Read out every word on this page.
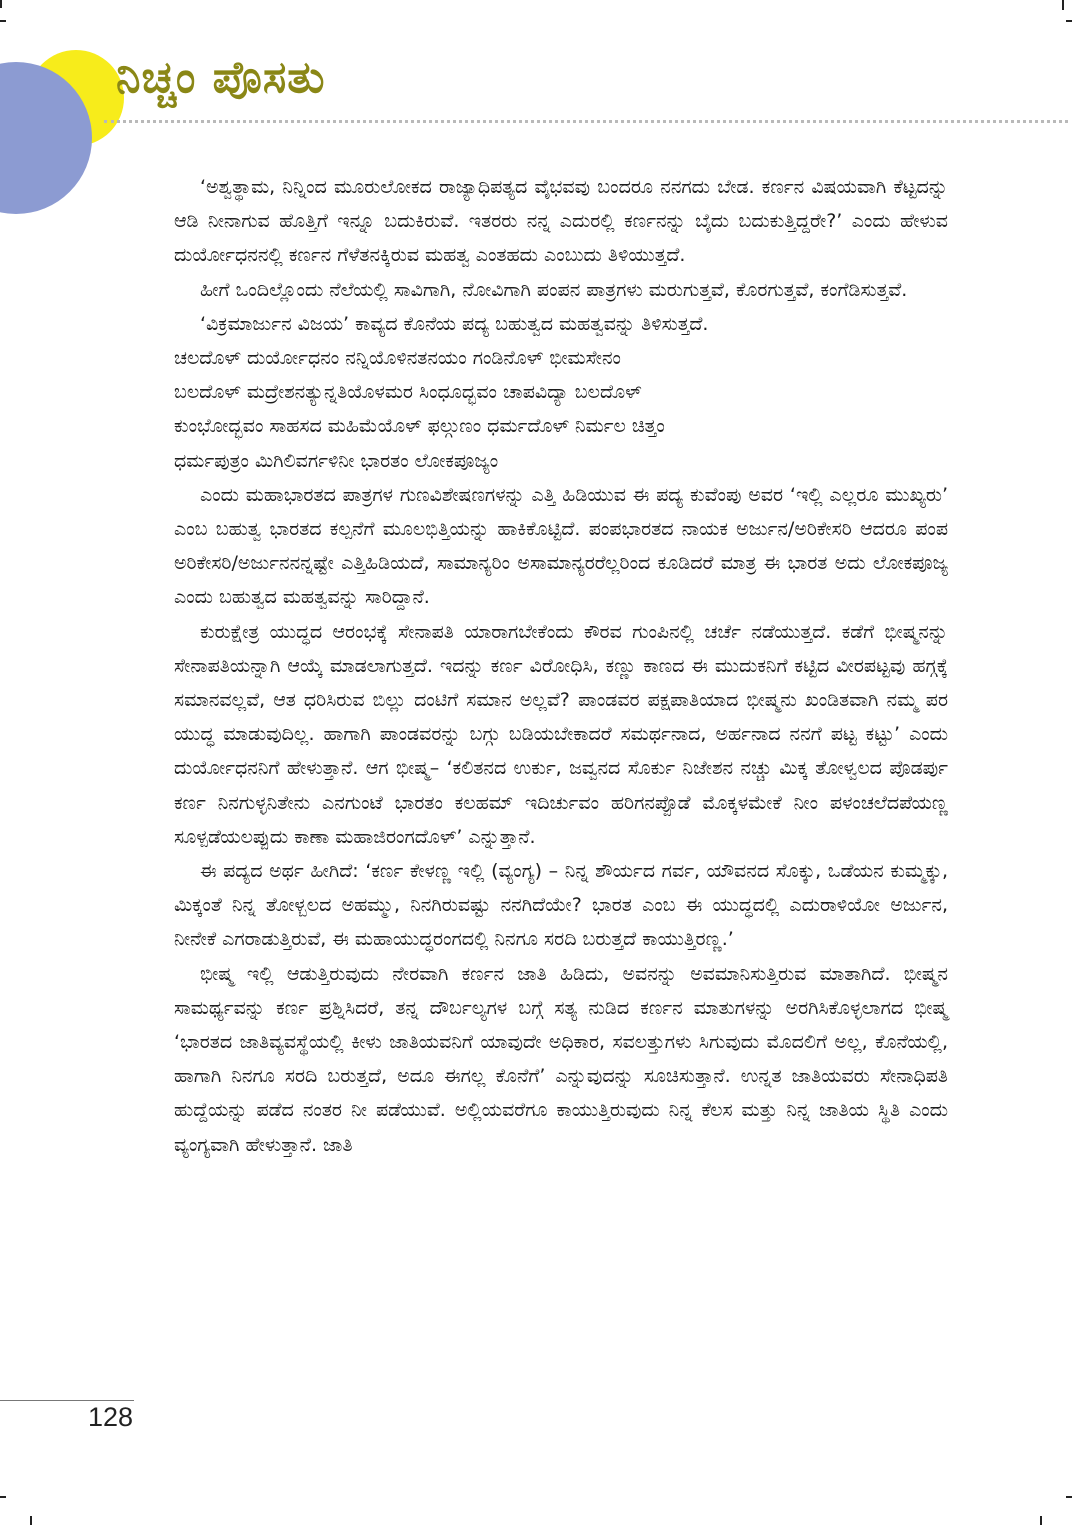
ನಿಚ್ಚಂ ಪೊಸತು

‘ಅಶ್ವತ್ಥಾಮ, ನಿನ್ನಿಂದ ಮೂರುಲೋಕದ ರಾಜ್ಯಾಧಿಪತ್ಯದ ವೈಭವವು ಬಂದರೂ ನನಗದು ಬೇಡ. ಕರ್ಣನ ವಿಷಯವಾಗಿ ಕೆಟ್ಟದನ್ನು ಆಡಿ ನೀನಾಗುವ ಹೊತ್ತಿಗೆ ಇನ್ನೂ ಬದುಕಿರುವೆ. ಇತರರು ನನ್ನ ಎದುರಲ್ಲಿ ಕರ್ಣನನ್ನು ಬೈದು ಬದುಕುತ್ತಿದ್ದರೇ?’ ಎಂದು ಹೇಳುವ ದುರ್ಯೋಧನನಲ್ಲಿ ಕರ್ಣನ ಗೆಳೆತನಕ್ಕಿರುವ ಮಹತ್ವ ಎಂತಹದು ಎಂಬುದು ತಿಳಿಯುತ್ತದೆ.

ಹೀಗೆ ಒಂದಿಲ್ಲೊಂದು ನೆಲೆಯಲ್ಲಿ ಸಾವಿಗಾಗಿ, ನೋವಿಗಾಗಿ ಪಂಪನ ಪಾತ್ರಗಳು ಮರುಗುತ್ತವೆ, ಕೊರಗುತ್ತವೆ, ಕಂಗೆಡಿಸುತ್ತವೆ.

‘ವಿಕ್ರಮಾರ್ಜುನ ವಿಜಯ’ ಕಾವ್ಯದ ಕೊನೆಯ ಪದ್ಯ ಬಹುತ್ವದ ಮಹತ್ವವನ್ನು ತಿಳಿಸುತ್ತದೆ.

ಚಲದೊಳ್ ದುರ್ಯೋಧನಂ ನನ್ನಿಯೊಳಿನತನಯಂ ಗಂಡಿನೊಳ್ ಭೀಮಸೇನಂ

ಬಲದೊಳ್ ಮದ್ರೇಶನತ್ಯುನ್ನತಿಯೊಳಮರ ಸಿಂಧೂದ್ಭವಂ ಚಾಪವಿದ್ಯಾ ಬಲದೊಳ್

ಕುಂಭೋದ್ಭವಂ ಸಾಹಸದ ಮಹಿಮೆಯೊಳ್ ಫಲ್ಗುಣಂ ಧರ್ಮದೊಳ್ ನಿರ್ಮಲ ಚಿತ್ತಂ

ಧರ್ಮಪುತ್ರಂ ಮಿಗಿಲಿವರ್ಗಳಿನೀ ಭಾರತಂ ಲೋಕಪೂಜ್ಯಂ

ಎಂದು ಮಹಾಭಾರತದ ಪಾತ್ರಗಳ ಗುಣವಿಶೇಷಣಗಳನ್ನು ಎತ್ತಿ ಹಿಡಿಯುವ ಈ ಪದ್ಯ ಕುವೆಂಪು ಅವರ ‘ಇಲ್ಲಿ ಎಲ್ಲರೂ ಮುಖ್ಯರು’ ಎಂಬ ಬಹುತ್ವ ಭಾರತದ ಕಲ್ಪನೆಗೆ ಮೂಲಭಿತ್ತಿಯನ್ನು ಹಾಕಿಕೊಟ್ಟಿದೆ. ಪಂಪಭಾರತದ ನಾಯಕ ಅರ್ಜುನ/ಅರಿಕೇಸರಿ ಆದರೂ ಪಂಪ ಅರಿಕೇಸರಿ/ಅರ್ಜುನನನ್ನಷ್ಟೇ ಎತ್ತಿಹಿಡಿಯದೆ, ಸಾಮಾನ್ಯರಿಂ ಅಸಾಮಾನ್ಯರರೆಲ್ಲರಿಂದ ಕೂಡಿದರೆ ಮಾತ್ರ ಈ ಭಾರತ ಅದು ಲೋಕಪೂಜ್ಯ ಎಂದು ಬಹುತ್ವದ ಮಹತ್ವವನ್ನು ಸಾರಿದ್ದಾನೆ.

ಕುರುಕ್ಷೇತ್ರ ಯುದ್ಧದ ಆರಂಭಕ್ಕೆ ಸೇನಾಪತಿ ಯಾರಾಗಬೇಕೆಂದು ಕೌರವ ಗುಂಪಿನಲ್ಲಿ ಚರ್ಚೆ ನಡೆಯುತ್ತದೆ. ಕಡೆಗೆ ಭೀಷ್ಮನನ್ನು ಸೇನಾಪತಿಯನ್ನಾಗಿ ಆಯ್ಕೆ ಮಾಡಲಾಗುತ್ತದೆ. ಇದನ್ನು ಕರ್ಣ ವಿರೋಧಿಸಿ, ಕಣ್ಣು ಕಾಣದ ಈ ಮುದುಕನಿಗೆ ಕಟ್ಟಿದ ವೀರಪಟ್ಟವು ಹಗ್ಗಕ್ಕೆ ಸಮಾನವಲ್ಲವೆ, ಆತ ಧರಿಸಿರುವ ಬಿಲ್ಲು ದಂಟಿಗೆ ಸಮಾನ ಅಲ್ಲವೆ? ಪಾಂಡವರ ಪಕ್ಷಪಾತಿಯಾದ ಭೀಷ್ಮನು ಖಂಡಿತವಾಗಿ ನಮ್ಮ ಪರ ಯುದ್ಧ ಮಾಡುವುದಿಲ್ಲ. ಹಾಗಾಗಿ ಪಾಂಡವರನ್ನು ಬಗ್ಗು ಬಡಿಯಬೇಕಾದರೆ ಸಮರ್ಥನಾದ, ಅರ್ಹನಾದ ನನಗೆ ಪಟ್ಟ ಕಟ್ಟು’ ಎಂದು ದುರ್ಯೋಧನನಿಗೆ ಹೇಳುತ್ತಾನೆ. ಆಗ ಭೀಷ್ಮ– ‘ಕಲಿತನದ ಉರ್ಕು, ಜವ್ವನದ ಸೊರ್ಕು ನಿಜೇಶನ ನಚ್ಚು ಮಿಕ್ಕ ತೋಳ್ವಲದ ಪೊಡರ್ಪು ಕರ್ಣ ನಿನಗುಳ್ಳನಿತೇನು ಎನಗುಂಟೆ ಭಾರತಂ ಕಲಹಮ್ ಇದಿರ್ಚುವಂ ಹರಿಗನಪ್ಪೊಡೆ ಮೊಕ್ಕಳಮೇಕೆ ನೀಂ ಪಳಂಚಲೆದಪೆಯಣ್ಣ ಸೂಳ್ಪಡೆಯಲಪ್ಪುದು ಕಾಣಾ ಮಹಾಜಿರಂಗದೊಳ್’ ಎನ್ನುತ್ತಾನೆ.

ಈ ಪದ್ಯದ ಅರ್ಥ ಹೀಗಿದೆ: ‘ಕರ್ಣ ಕೇಳಣ್ಣ ಇಲ್ಲಿ (ವ್ಯಂಗ್ಯ) – ನಿನ್ನ ಶೌರ್ಯದ ಗರ್ವ, ಯೌವನದ ಸೊಕ್ಕು, ಒಡೆಯನ ಕುಮ್ಮಕ್ಕು, ಮಿಕ್ಕಂತೆ ನಿನ್ನ ತೋಳ್ಬಲದ ಅಹಮ್ಮು, ನಿನಗಿರುವಷ್ಟು ನನಗಿದೆಯೇ? ಭಾರತ ಎಂಬ ಈ ಯುದ್ಧದಲ್ಲಿ ಎದುರಾಳಿಯೋ ಅರ್ಜುನ, ನೀನೇಕೆ ಎಗರಾಡುತ್ತಿರುವೆ, ಈ ಮಹಾಯುದ್ಧರಂಗದಲ್ಲಿ ನಿನಗೂ ಸರದಿ ಬರುತ್ತದೆ ಕಾಯುತ್ತಿರಣ್ಣ.’

ಭೀಷ್ಮ ಇಲ್ಲಿ ಆಡುತ್ತಿರುವುದು ನೇರವಾಗಿ ಕರ್ಣನ ಜಾತಿ ಹಿಡಿದು, ಅವನನ್ನು ಅವಮಾನಿಸುತ್ತಿರುವ ಮಾತಾಗಿದೆ. ಭೀಷ್ಮನ ಸಾಮರ್ಥ್ಯವನ್ನು ಕರ್ಣ ಪ್ರಶ್ನಿಸಿದರೆ, ತನ್ನ ದೌರ್ಬಲ್ಯಗಳ ಬಗ್ಗೆ ಸತ್ಯ ನುಡಿದ ಕರ್ಣನ ಮಾತುಗಳನ್ನು ಅರಗಿಸಿಕೊಳ್ಳಲಾಗದ ಭೀಷ್ಮ ‘ಭಾರತದ ಜಾತಿವ್ಯವಸ್ಥೆಯಲ್ಲಿ ಕೀಳು ಜಾತಿಯವನಿಗೆ ಯಾವುದೇ ಅಧಿಕಾರ, ಸವಲತ್ತುಗಳು ಸಿಗುವುದು ಮೊದಲಿಗೆ ಅಲ್ಲ, ಕೊನೆಯಲ್ಲಿ, ಹಾಗಾಗಿ ನಿನಗೂ ಸರದಿ ಬರುತ್ತದೆ, ಅದೂ ಈಗಲ್ಲ ಕೊನೆಗೆ’ ಎನ್ನುವುದನ್ನು ಸೂಚಿಸುತ್ತಾನೆ. ಉನ್ನತ ಜಾತಿಯವರು ಸೇನಾಧಿಪತಿ ಹುದ್ದೆಯನ್ನು ಪಡೆದ ನಂತರ ನೀ ಪಡೆಯುವೆ. ಅಲ್ಲಿಯವರೆಗೂ ಕಾಯುತ್ತಿರುವುದು ನಿನ್ನ ಕೆಲಸ ಮತ್ತು ನಿನ್ನ ಜಾತಿಯ ಸ್ಥಿತಿ ಎಂದು ವ್ಯಂಗ್ಯವಾಗಿ ಹೇಳುತ್ತಾನೆ. ಜಾತಿ

128
